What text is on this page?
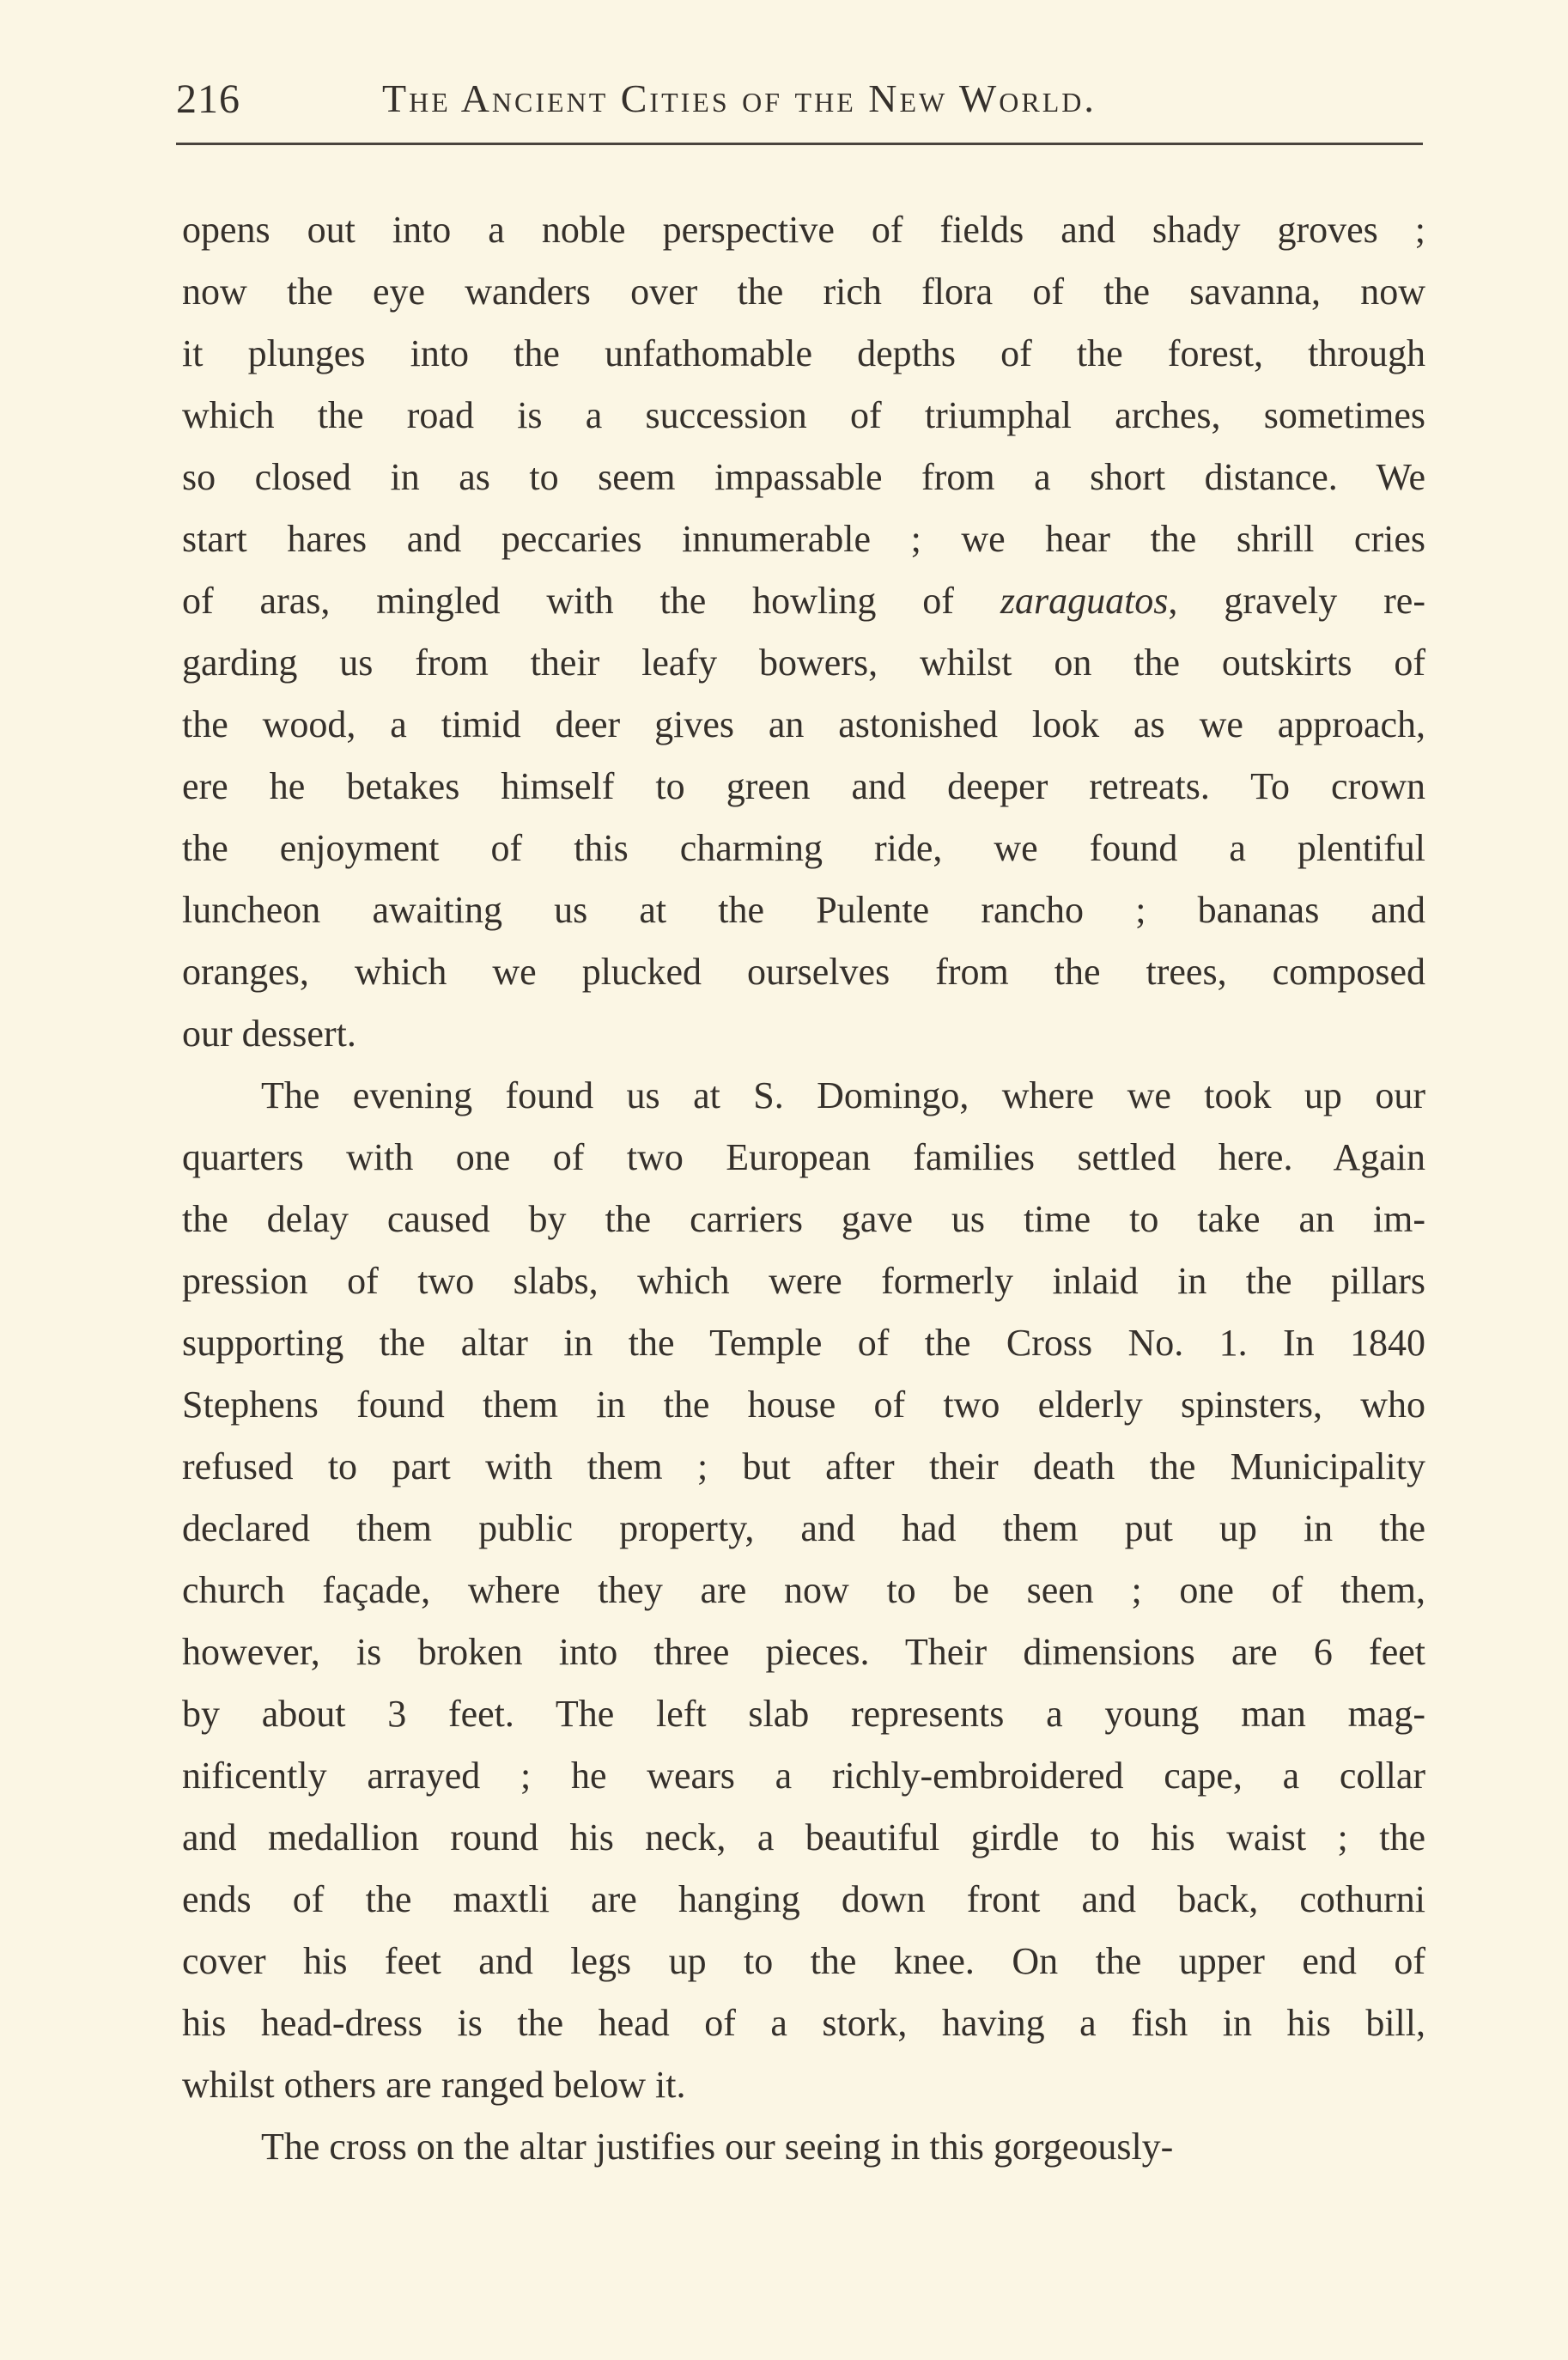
216	The Ancient Cities of the New World.
opens out into a noble perspective of fields and shady groves ;
now the eye wanders over the rich flora of the savanna, now
it plunges into the unfathomable depths of the forest, through
which the road is a succession of triumphal arches, sometimes
so closed in as to seem impassable from a short distance. We
start hares and peccaries innumerable ; we hear the shrill cries
of aras, mingled with the howling of zaraguatos, gravely re-
garding us from their leafy bowers, whilst on the outskirts of
the wood, a timid deer gives an astonished look as we approach,
ere he betakes himself to green and deeper retreats. To crown
the enjoyment of this charming ride, we found a plentiful
luncheon awaiting us at the Pulente rancho ; bananas and
oranges, which we plucked ourselves from the trees, composed
our dessert.
The evening found us at S. Domingo, where we took up our
quarters with one of two European families settled here. Again
the delay caused by the carriers gave us time to take an im-
pression of two slabs, which were formerly inlaid in the pillars
supporting the altar in the Temple of the Cross No. 1. In 1840
Stephens found them in the house of two elderly spinsters, who
refused to part with them ; but after their death the Municipality
declared them public property, and had them put up in the
church façade, where they are now to be seen ; one of them,
however, is broken into three pieces. Their dimensions are 6 feet
by about 3 feet. The left slab represents a young man mag-
nificently arrayed ; he wears a richly-embroidered cape, a collar
and medallion round his neck, a beautiful girdle to his waist ; the
ends of the maxtli are hanging down front and back, cothurni
cover his feet and legs up to the knee. On the upper end of
his head-dress is the head of a stork, having a fish in his bill,
whilst others are ranged below it.
The cross on the altar justifies our seeing in this gorgeously-
